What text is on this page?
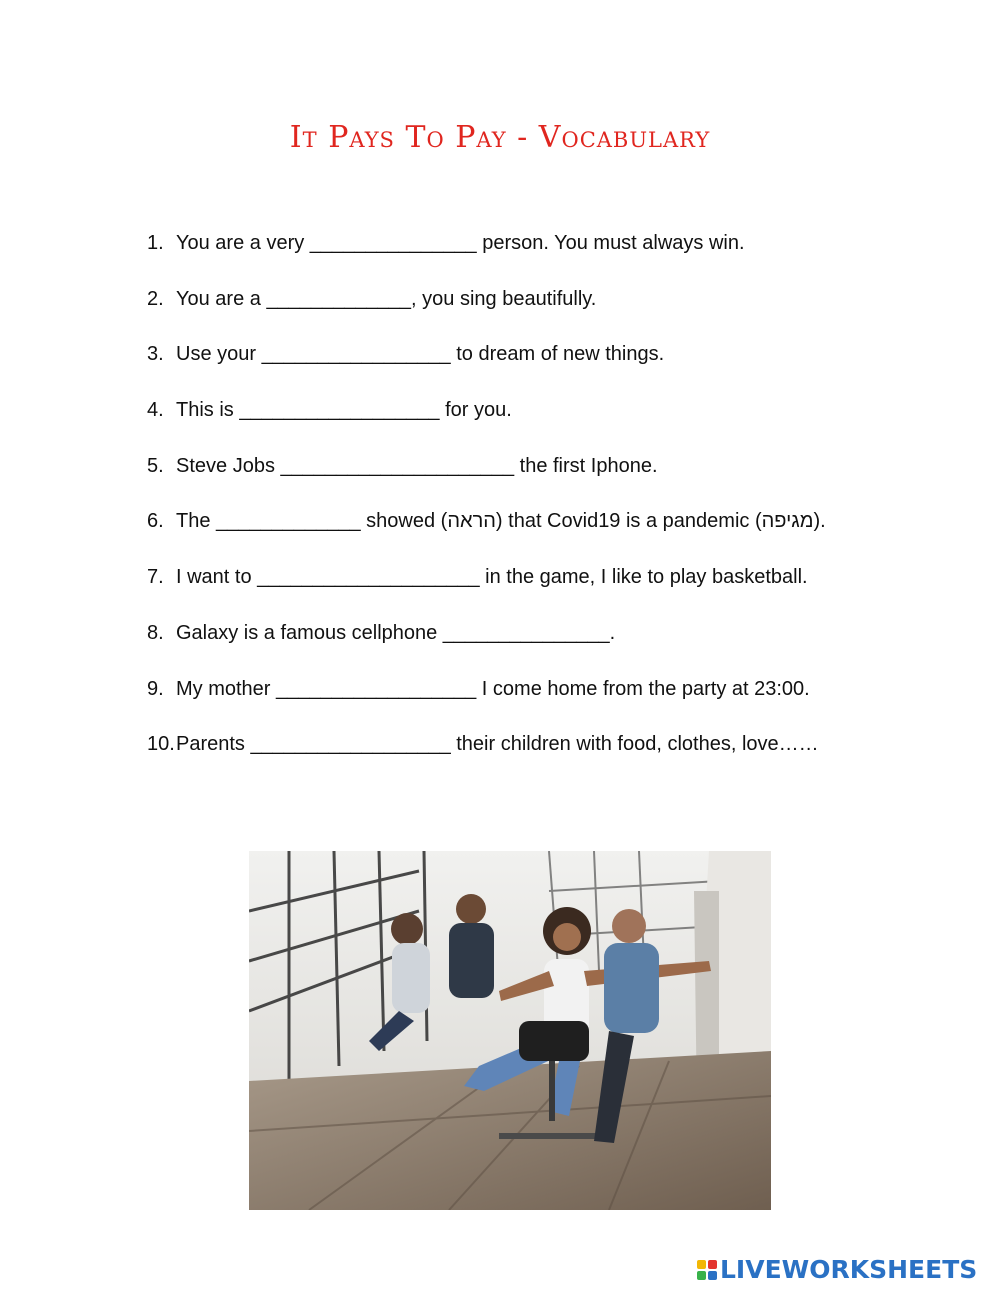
It Pays To Pay - Vocabulary
1. You are a very _______________ person. You must always win.
2. You are a _____________, you sing beautifully.
3. Use your _________________ to dream of new things.
4. This is __________________ for you.
5. Steve Jobs _____________________ the first Iphone.
6. The _____________ showed (הראה) that Covid19 is a pandemic (מגיפה).
7. I want to ____________________ in the game, I like to play basketball.
8. Galaxy is a famous cellphone _______________.
9. My mother __________________ I come home from the party at 23:00.
10. Parents __________________ their children with food, clothes, love……
LIVEWORKSHEETS
